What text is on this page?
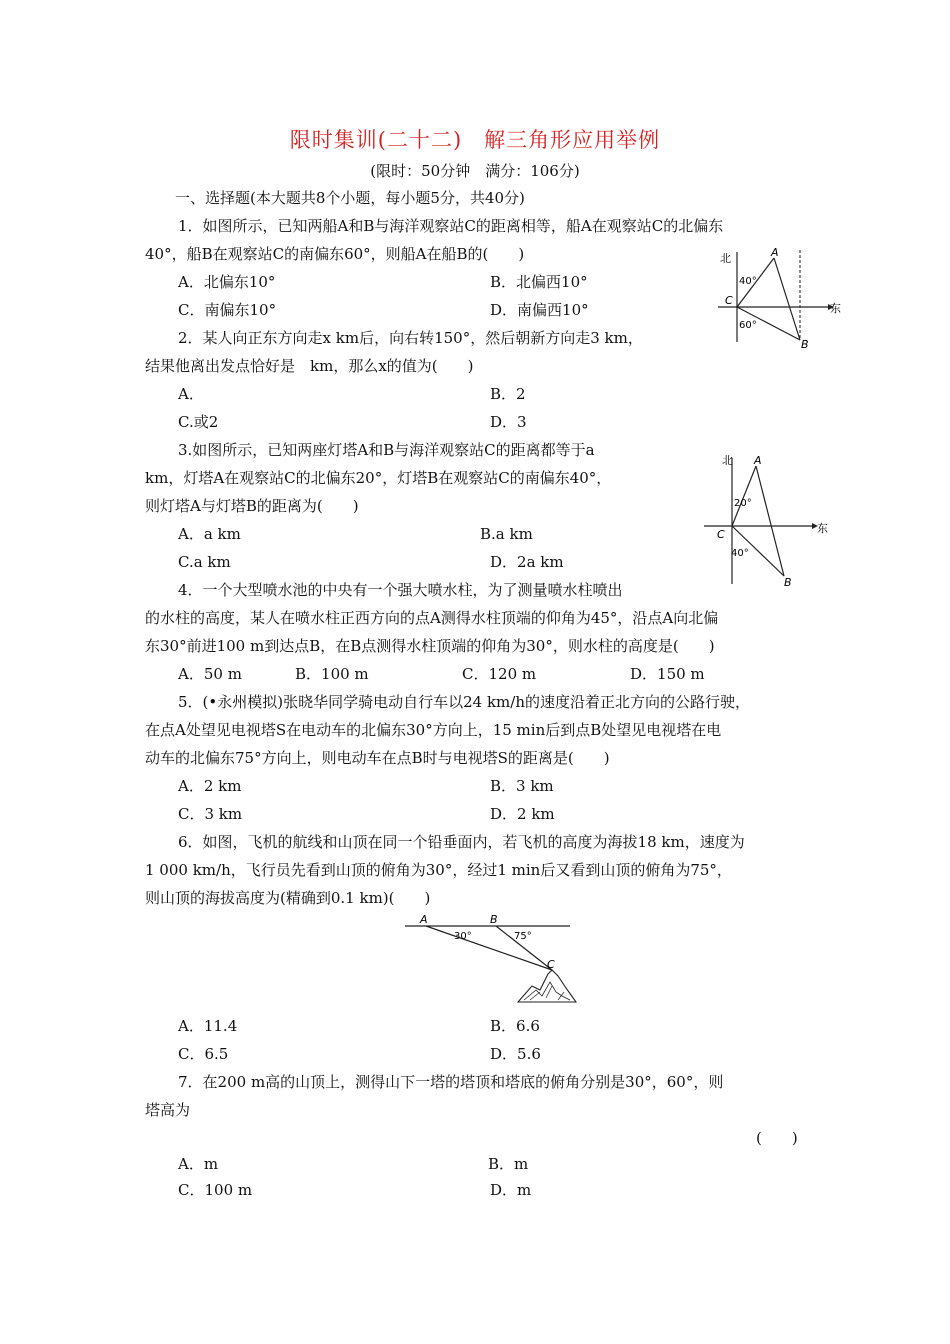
限时集训(二十二)　解三角形应用举例
(限时：50分钟　满分：106分)
一、选择题(本大题共8个小题，每小题5分，共40分)
1．如图所示，已知两船A和B与海洋观察站C的距离相等，船A在观察站C的北偏东
40°，船B在观察站C的南偏东60°，则船A在船B的(　　)
A．北偏东10°	B．北偏西10°
C．南偏东10°	D．南偏西10°
北
东
A
B
C
40°
60°
2．某人向正东方向走x km后，向右转150°，然后朝新方向走3 km，
结果他离出发点恰好是　km，那么x的值为(　　)
A．	B．2
C.或2	D．3
3.如图所示，已知两座灯塔A和B与海洋观察站C的距离都等于a
km，灯塔A在观察站C的北偏东20°，灯塔B在观察站C的南偏东40°，
则灯塔A与灯塔B的距离为(　　)
A．a km	B.a km
C.a km	D．2a km
北
东
A
B
C
20°
40°
4．一个大型喷水池的中央有一个强大喷水柱，为了测量喷水柱喷出
的水柱的高度，某人在喷水柱正西方向的点A测得水柱顶端的仰角为45°，沿点A向北偏
东30°前进100 m到达点B，在B点测得水柱顶端的仰角为30°，则水柱的高度是(　　)
A．50 m	B．100 m	C．120 m	D．150 m
5．(•永州模拟)张晓华同学骑电动自行车以24 km/h的速度沿着正北方向的公路行驶，
在点A处望见电视塔S在电动车的北偏东30°方向上，15 min后到点B处望见电视塔在电
动车的北偏东75°方向上，则电动车在点B时与电视塔S的距离是(　　)
A．2 km	B．3 km
C．3 km	D．2 km
6．如图，飞机的航线和山顶在同一个铅垂面内，若飞机的高度为海拔18 km，速度为
1 000 km/h，飞行员先看到山顶的俯角为30°，经过1 min后又看到山顶的俯角为75°，
则山顶的海拔高度为(精确到0.1 km)(　　)
A	B
C
30°	75°
A．11.4	B．6.6
C．6.5	D．5.6
7．在200 m高的山顶上，测得山下一塔的塔顶和塔底的俯角分别是30°，60°，则
塔高为
(　　)
A．m	B．m
C．100 m	D．m
